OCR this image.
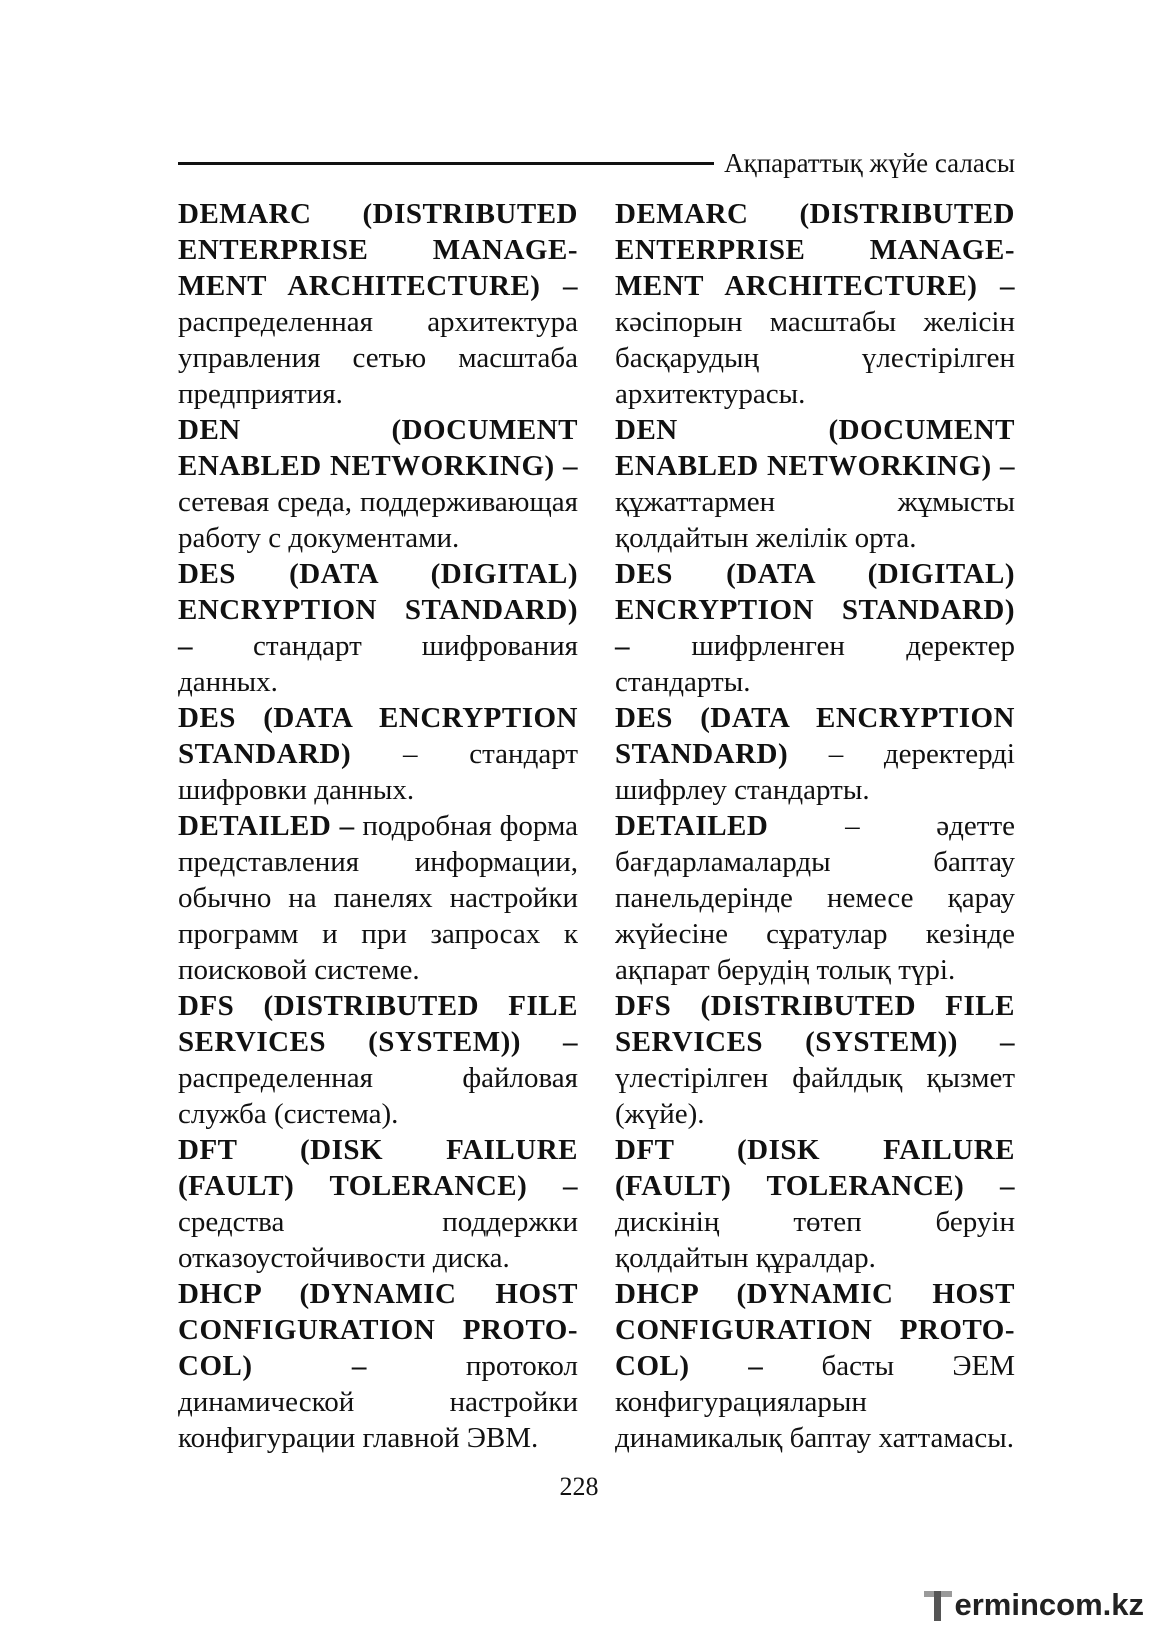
Ақпараттық жүйе саласы

DEMARC (DISTRIBUTED ENTERPRISE MANAGE-MENT ARCHITECTURE) – распределенная архитектура управления сетью масштаба предприятия.

DEN (DOCUMENT ENABLED NETWORKING) – сетевая среда, поддерживающая работу с документами.

DES (DATA (DIGITAL) ENCRYPTION STANDARD) – стандарт шифрования данных.

DES (DATA ENCRYPTION STANDARD) – стандарт шифровки данных.

DETAILED – подробная форма представления информации, обычно на панелях настройки программ и при запросах к поисковой системе.

DFS (DISTRIBUTED FILE SERVICES (SYSTEM)) – распределенная файловая служба (система).

DFT (DISK FAILURE (FAULT) TOLERANCE) – средства поддержки отказоустойчивости диска.

DHCP (DYNAMIC HOST CONFIGURATION PROTO-COL) – протокол динамической настройки конфигурации главной ЭВМ.

DEMARC (DISTRIBUTED ENTERPRISE MANAGE-MENT ARCHITECTURE) – кәсіпорын масштабы желісін басқарудың үлестірілген архитектурасы.

DEN (DOCUMENT ENABLED NETWORKING) – құжаттармен жұмысты қолдайтын желілік орта.

DES (DATA (DIGITAL) ENCRYPTION STANDARD) – шифрленген деректер стандарты.

DES (DATA ENCRYPTION STANDARD) – деректерді шифрлеу стандарты.

DETAILED – әдетте бағдарламаларды баптау панельдерінде немесе қарау жүйесіне сұратулар кезінде ақпарат берудің толық түрі.

DFS (DISTRIBUTED FILE SERVICES (SYSTEM)) –үлестірілген файлдық қызмет (жүйе).

DFT (DISK FAILURE (FAULT) TOLERANCE) – дискінің төтеп беруін қолдайтын құралдар.

DHCP (DYNAMIC HOST CONFIGURATION PROTO-COL) – басты ЭЕМ конфигурацияларын динамикалық баптау хаттамасы.

228
ermincom.kz
